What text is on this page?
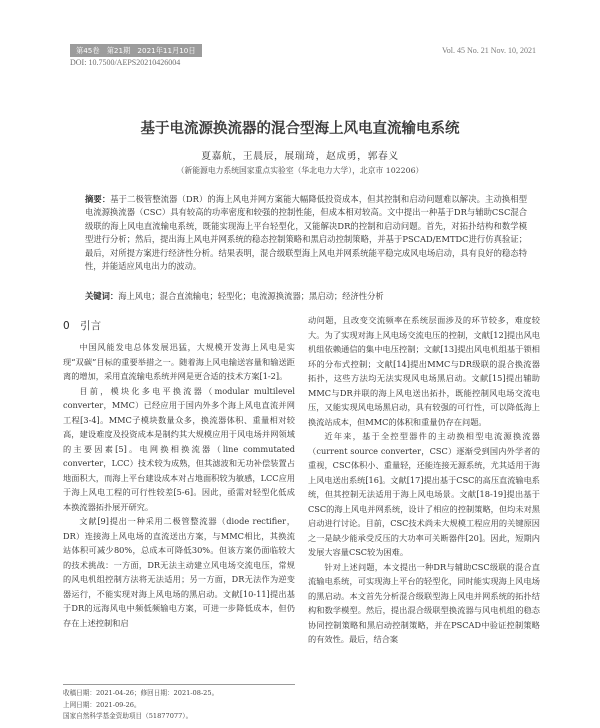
第45卷　第21期　2021年11月10日	Vol. 45 No. 21 Nov. 10, 2021
DOI: 10.7500/AEPS20210426004
基于电流源换流器的混合型海上风电直流输电系统
夏嘉航，王晨辰，展瑞琦，赵成勇，郭春义
（新能源电力系统国家重点实验室（华北电力大学），北京市 102206）
摘要：基于二极管整流器（DR）的海上风电并网方案能大幅降低投资成本，但其控制和启动问题难以解决。主动换相型电流源换流器（CSC）具有较高的功率密度和较强的控制性能，但成本相对较高。文中提出一种基于DR与辅助CSC混合级联的海上风电直流输电系统，既能实现海上平台轻型化，又能解决DR的控制和启动问题。首先，对拓扑结构和数学模型进行分析；然后，提出海上风电并网系统的稳态控制策略和黑启动控制策略，并基于PSCAD/EMTDC进行仿真验证；最后，对所提方案进行经济性分析。结果表明，混合级联型海上风电并网系统能平稳完成风电场启动，具有良好的稳态特性，并能适应风电出力的波动。
关键词：海上风电；混合直流输电；轻型化；电流源换流器；黑启动；经济性分析
0　引言

中国风能发电总体发展迅猛，大规模开发海上风电是实现“双碳”目标的重要举措之一。随着海上风电输送容量和输送距离的增加，采用直流输电系统并网是更合适的技术方案[1-2]。

目前，模块化多电平换流器（modular multilevel converter，MMC）已经应用于国内外多个海上风电直流并网工程[3-4]。MMC子模块数量众多，换流器体积、重量相对较高，建设难度及投资成本是制约其大规模应用于风电场并网领域的主要因素[5]。电网换相换流器（line commutated converter，LCC）技术较为成熟，但其滤波和无功补偿装置占地面积大，而海上平台建设成本对占地面积较为敏感，LCC应用于海上风电工程的可行性较差[5-6]。因此，亟需对轻型化低成本换流器拓扑展开研究。

文献[9]提出一种采用二极管整流器（diode rectifier，DR）连接海上风电场的直流送出方案，与MMC相比，其换流站体积可减少80%，总成本可降低30%。但该方案仍面临较大的技术挑战：一方面，DR无法主动建立风电场交流电压，常规的风电机组控制方法将无法适用；另一方面，DR无法作为逆变器运行，不能实现对海上风电场的黑启动。文献[10-11]提出基于DR的远海风电中频低频输电方案，可进一步降低成本，但仍存在上述控制和启

动问题，且改变交流频率在系统层面涉及的环节较多，难度较大。为了实现对海上风电场交流电压的控制，文献[12]提出风电机组依赖通信的集中电压控制；文献[13]提出风电机组基于锁相环的分布式控制；文献[14]提出MMC与DR级联的混合换流器拓扑，这些方法均无法实现风电场黑启动。文献[15]提出辅助MMC与DR并联的海上风电送出拓扑，既能控制风电场交流电压，又能实现风电场黑启动，具有较强的可行性，可以降低海上换流站成本，但MMC的体积和重量仍存在问题。

近年来，基于全控型器件的主动换相型电流源换流器（current source converter，CSC）逐渐受到国内外学者的重视，CSC体积小、重量轻，还能连接无源系统，尤其适用于海上风电送出系统[16]。文献[17]提出基于CSC的高压直流输电系统，但其控制无法适用于海上风电场景。文献[18-19]提出基于CSC的海上风电并网系统，设计了相应的控制策略，但均未对黑启动进行讨论。目前，CSC技术尚未大规模工程应用的关键原因之一是缺少能承受反压的大功率可关断器件[20]。因此，短期内发展大容量CSC较为困难。

针对上述问题，本文提出一种DR与辅助CSC级联的混合直流输电系统，可实现海上平台的轻型化，同时能实现海上风电场的黑启动。本文首先分析混合级联型海上风电并网系统的拓扑结构和数学模型。然后，提出混合级联型换流器与风电机组的稳态协同控制策略和黑启动控制策略，并在PSCAD中验证控制策略的有效性。最后，结合案

收稿日期：2021-04-26；修回日期：2021-08-25。
上网日期：2021-09-26。
国家自然科学基金资助项目（51877077）。
